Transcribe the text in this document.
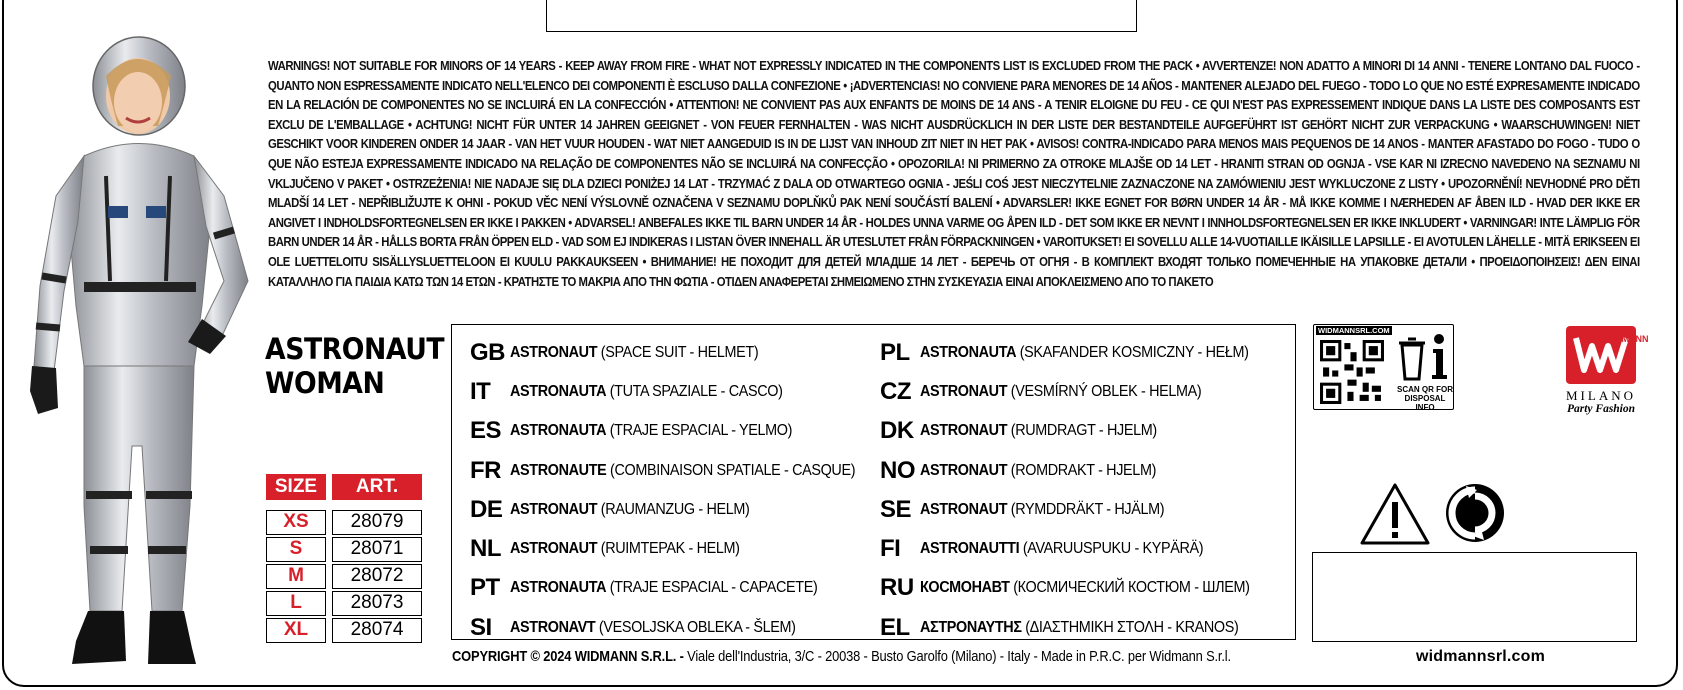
WARNINGS! NOT SUITABLE FOR MINORS OF 14 YEARS - KEEP AWAY FROM FIRE - WHAT NOT EXPRESSLY INDICATED IN THE COMPONENTS LIST IS EXCLUDED FROM THE PACK • AVVERTENZE! NON ADATTO A MINORI DI 14 ANNI - TENERE LONTANO DAL FUOCO - QUANTO NON ESPRESSAMENTE INDICATO NELL'ELENCO DEI COMPONENTI È ESCLUSO DALLA CONFEZIONE • ¡ADVERTENCIAS! NO CONVIENE PARA MENORES DE 14 AÑOS - MANTENER ALEJADO DEL FUEGO - TODO LO QUE NO ESTÉ EXPRESAMENTE INDICADO EN LA RELACIÓN DE COMPONENTES NO SE INCLUIRÁ EN LA CONFECCIÓN • ATTENTION! NE CONVIENT PAS AUX ENFANTS DE MOINS DE 14 ANS - A TENIR ELOIGNE DU FEU - CE QUI N'EST PAS EXPRESSEMENT INDIQUE DANS LA LISTE DES COMPOSANTS EST EXCLU DE L'EMBALLAGE • ACHTUNG! NICHT FÜR UNTER 14 JAHREN GEEIGNET - VON FEUER FERNHALTEN - WAS NICHT AUSDRÜCKLICH IN DER LISTE DER BESTANDTEILE AUFGEFÜHRT IST GEHÖRT NICHT ZUR VERPACKUNG • WAARSCHUWINGEN! NIET GESCHIKT VOOR KINDEREN ONDER 14 JAAR - VAN HET VUUR HOUDEN - WAT NIET AANGEDUID IS IN DE LIJST VAN INHOUD ZIT NIET IN HET PAK • AVISOS! CONTRA-INDICADO PARA MENOS MAIS PEQUENOS DE 14 ANOS - MANTER AFASTADO DO FOGO - TUDO O QUE NÃO ESTEJA EXPRESSAMENTE INDICADO NA RELAÇÃO DE COMPONENTES NÃO SE INCLUIRÁ NA CONFECÇÃO • OPOZORILA! NI PRIMERNO ZA OTROKE MLAJŠE OD 14 LET - HRANITI STRAN OD OGNJA - VSE KAR NI IZRECNO NAVEDENO NA SEZNAMU NI VKLJUČENO V PAKET • OSTRZEŻENIA! NIE NADAJE SIĘ DLA DZIECI PONIŻEJ 14 LAT - TRZYMAĆ Z DALA OD OTWARTEGO OGNIA - JEŚLI COŚ JEST NIECZYTELNIE ZAZNACZONE NA ZAMÓWIENIU JEST WYKLUCZONE Z LISTY • UPOZORNĚNÍ! NEVHODNÉ PRO DĚTI MLADŠÍ 14 LET - NEPŘIBLIŽUJTE K OHNI - POKUD VĚC NENÍ VÝSLOVNĚ OZNAČENA V SEZNAMU DOPLŇKŮ PAK NENÍ SOUČÁSTÍ BALENÍ • ADVARSLER! IKKE EGNET FOR BØRN UNDER 14 ÅR - MÅ IKKE KOMME I NÆRHEDEN AF ÅBEN ILD - HVAD DER IKKE ER ANGIVET I INDHOLDSFORTEGNELSEN ER IKKE I PAKKEN • ADVARSEL! ANBEFALES IKKE TIL BARN UNDER 14 ÅR - HOLDES UNNA VARME OG ÅPEN ILD - DET SOM IKKE ER NEVNT I INNHOLDSFORTEGNELSEN ER IKKE INKLUDERT • VARNINGAR! INTE LÄMPLIG FÖR BARN UNDER 14 ÅR - HÅLLS BORTA FRÅN ÖPPEN ELD - VAD SOM EJ INDIKERAS I LISTAN ÖVER INNEHALL ÄR UTESLUTET FRÅN FÖRPACKNINGEN • VAROITUKSET! EI SOVELLU ALLE 14-VUOTIAILLE IKÄISILLE LAPSILLE - EI AVOTULEN LÄHELLE - MITÄ ERIKSEEN EI OLE LUETTELOITU SISÄLLYSLUETTELOON EI KUULU PAKKAUKSEEN • ВНИМАНИЕ! НЕ ПОХОДИТ ДЛЯ ДЕТЕЙ МЛАДШЕ 14 ЛЕТ - БЕРЕЧЬ ОТ ОГНЯ - В КОМПЛЕКТ ВХОДЯТ ТОЛЬКО ПОМЕЧЕННЫЕ НА УПАКОВКЕ ДЕТАЛИ • ΠΡΟΕΙΔΟΠΟΙΗΣΕΙΣ! ΔΕΝ ΕΙΝΑΙ ΚΑΤΑΛΛΗΛΟ ΓΙΑ ΠΑΙΔΙΑ ΚΑΤΩ ΤΩΝ 14 ΕΤΩΝ - ΚΡΑΤΗΣΤΕ ΤΟ ΜΑΚΡΙΑ ΑΠΟ ΤΗΝ ΦΩΤΙΑ - ΟΤΙΔΕΝ ΑΝΑΦΕΡΕΤΑΙ ΣΗΜΕΙΩΜΕΝΟ ΣΤΗΝ ΣΥΣΚΕΥΑΣΙΑ ΕΙΝΑΙ ΑΠΟΚΛΕΙΣΜΕΝΟ ΑΠΟ ΤΟ ΠΑΚΕΤΟ
ASTRONAUT
WOMAN
SIZE	ART.
XS	28079
S	28071
M	28072
L	28073
XL	28074
GB ASTRONAUT (SPACE SUIT - HELMET)
IT	ASTRONAUTA (TUTA SPAZIALE - CASCO)
ES ASTRONAUTA (TRAJE ESPACIAL - YELMO)
FR ASTRONAUTE (COMBINAISON SPATIALE - CASQUE)
DE ASTRONAUT (RAUMANZUG - HELM)
NL ASTRONAUT (RUIMTEPAK - HELM)
PT ASTRONAUTA (TRAJE ESPACIAL - CAPACETE)
SI	ASTRONAVT (VESOLJSKA OBLEKA - ŠLEM)
PL ASTRONAUTA (SKAFANDER KOSMICZNY - HEŁM)
CZ ASTRONAUT (VESMÍRNÝ OBLEK - HELMA)
DK ASTRONAUT (RUMDRAGT - HJELM)
NO ASTRONAUT (ROMDRAKT - HJELM)
SE ASTRONAUT (RYMDDRÄKT - HJÄLM)
FI	ASTRONAUTTI (AVARUUSPUKU - KYPÄRÄ)
RU КОСМОНАВТ (КОСМИЧЕСКИЙ КОСТЮМ - ШЛЕМ)
EL ΑΣΤΡΟΝΑΥΤΗΣ (ΔΙΑΣΤΗΜΙΚΗ ΣΤΟΛΗ - KRANOS)
COPYRIGHT © 2024 WIDMANN S.R.L. - Viale dell'Industria, 3/C - 20038 - Busto Garolfo (Milano) - Italy - Made in P.R.C. per Widmann S.r.l.	widmannsrl.com
WIDMANNSRL.COM
SCAN QR FOR DISPOSAL INFO
WIDMANN
MILANO
Party Fashion
